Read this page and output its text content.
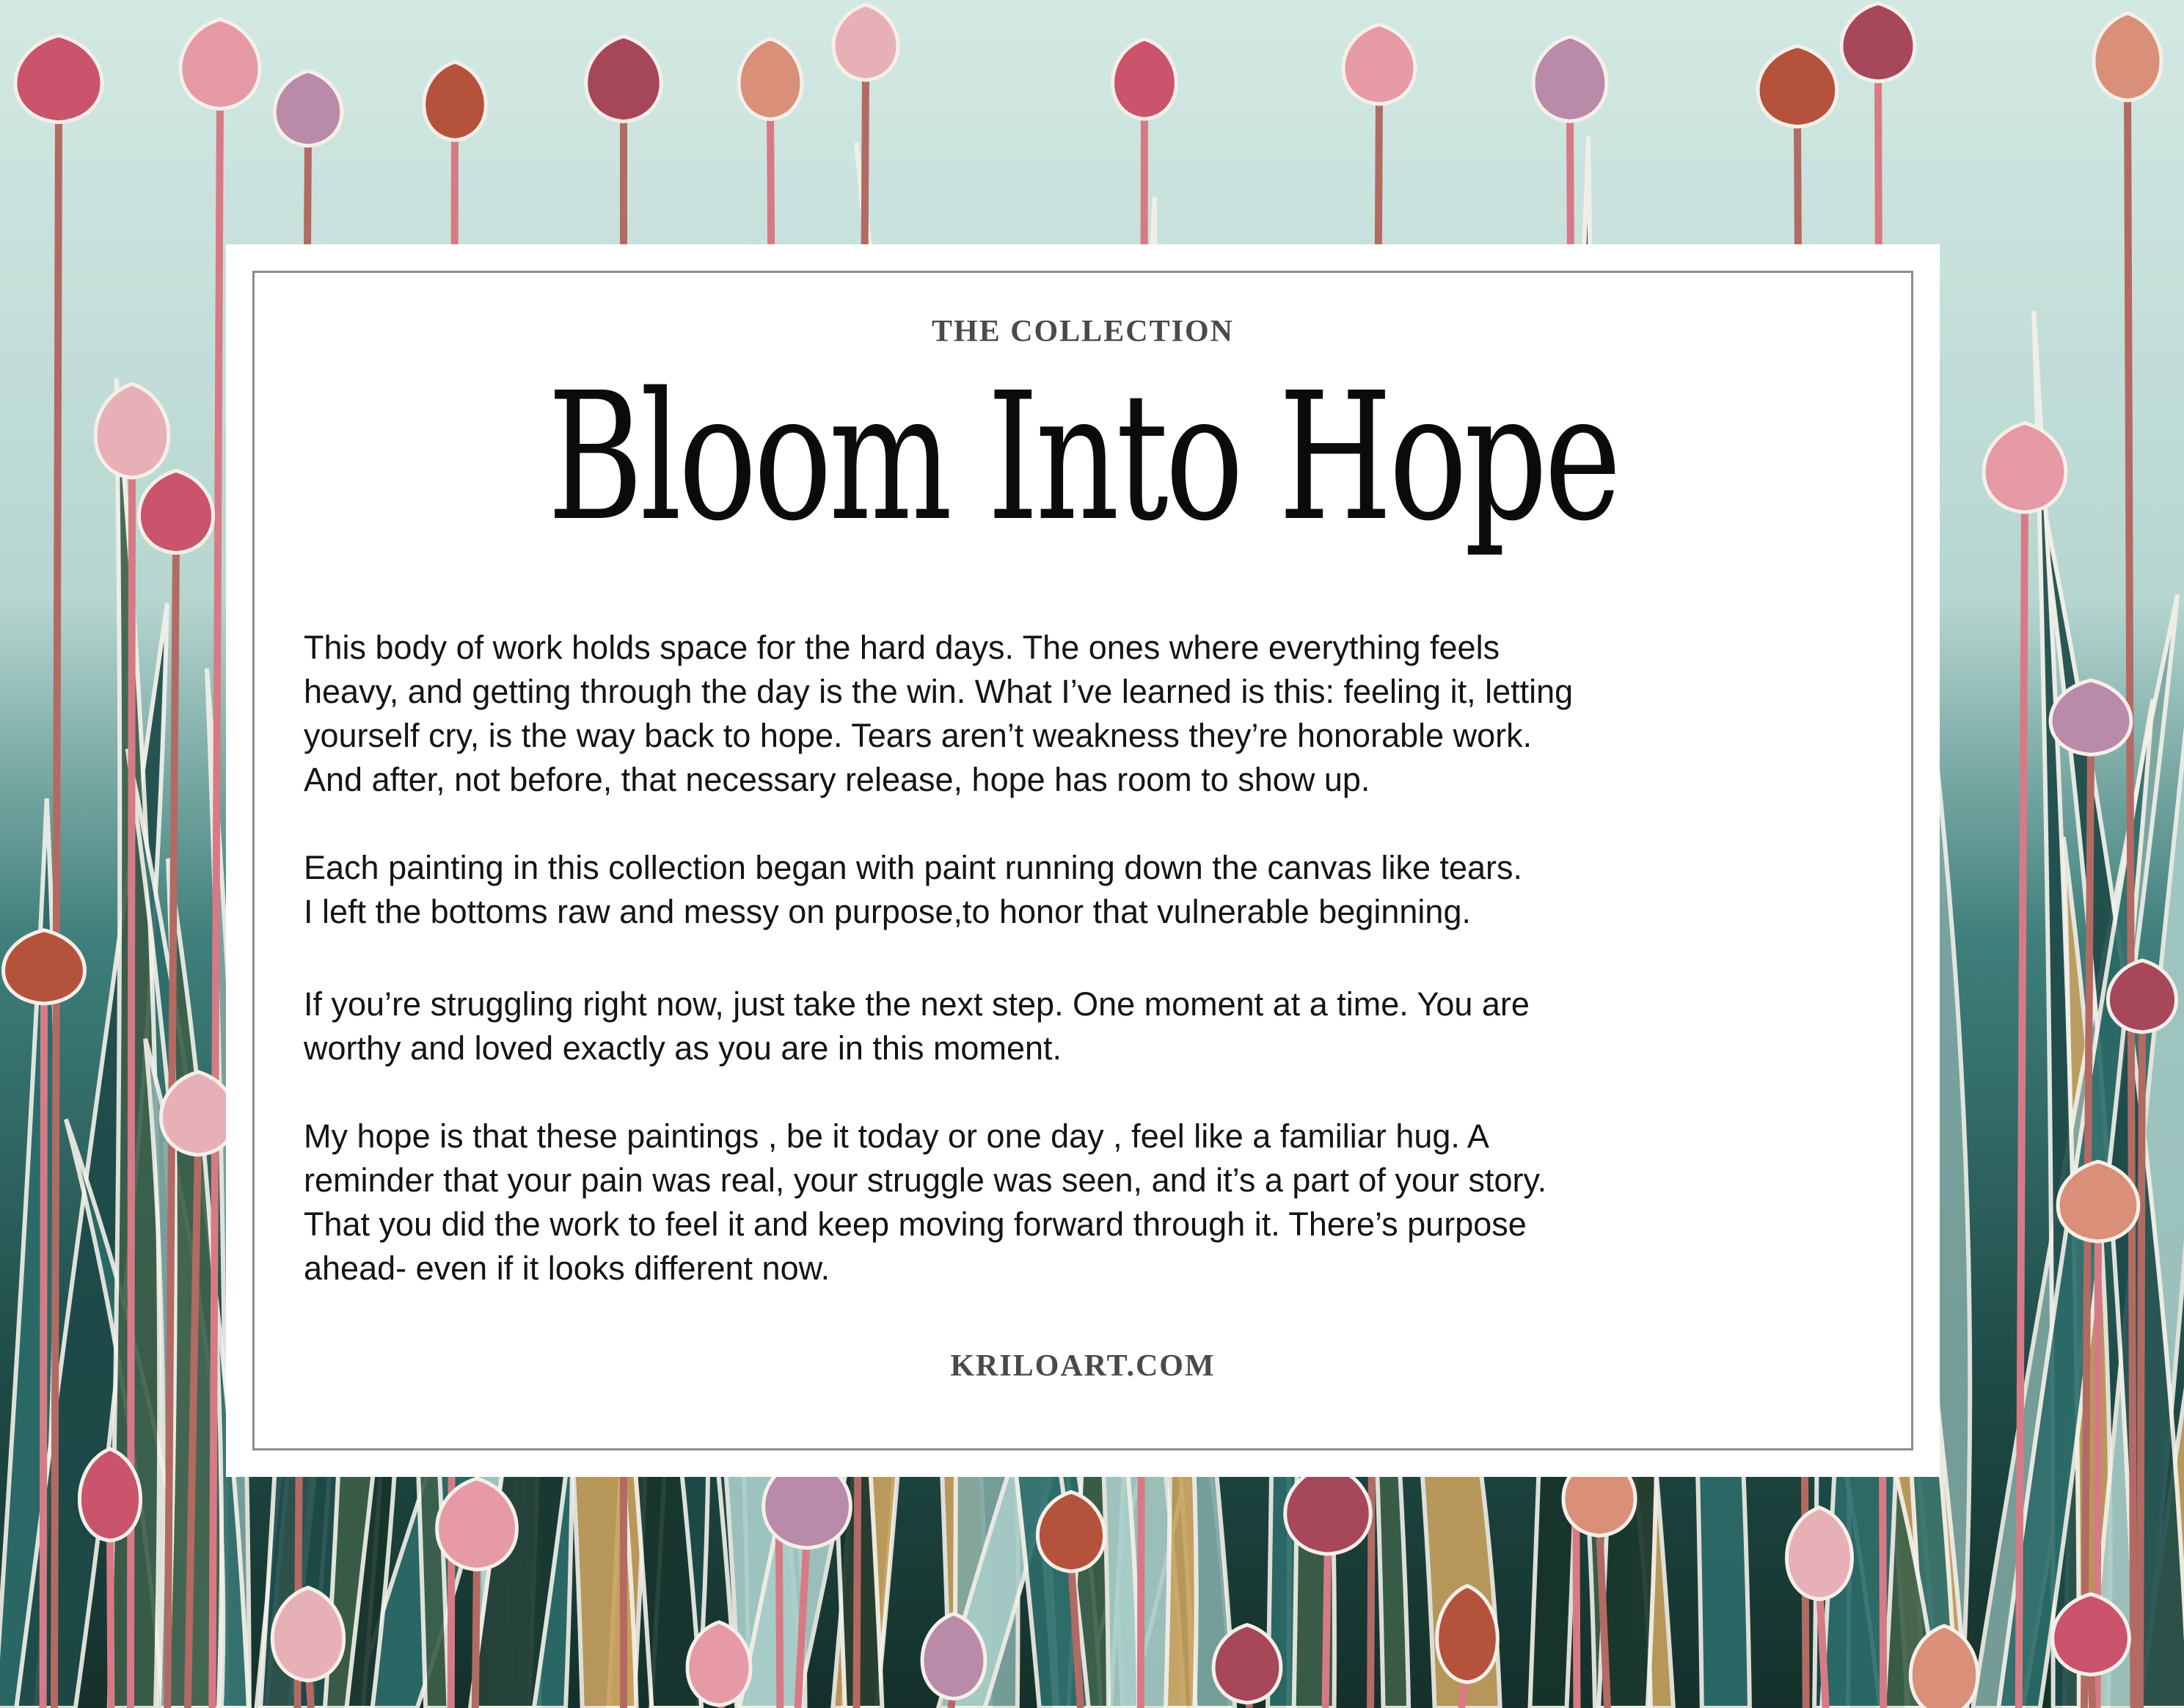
THE COLLECTION
Bloom Into Hope

This body of work holds space for the hard days. The ones where everything feels
heavy, and getting through the day is the win. What I’ve learned is this: feeling it, letting
yourself cry, is the way back to hope. Tears aren’t weakness they’re honorable work.
And after, not before, that necessary release, hope has room to show up.

Each painting in this collection began with paint running down the canvas like tears.
I left the bottoms raw and messy on purpose,to honor that vulnerable beginning.

If you’re struggling right now, just take the next step. One moment at a time. You are
worthy and loved exactly as you are in this moment.

My hope is that these paintings , be it today or one day , feel like a familiar hug. A
reminder that your pain was real, your struggle was seen, and it’s a part of your story.
That you did the work to feel it and keep moving forward through it. There’s purpose
ahead- even if it looks different now.

KRILOART.COM
